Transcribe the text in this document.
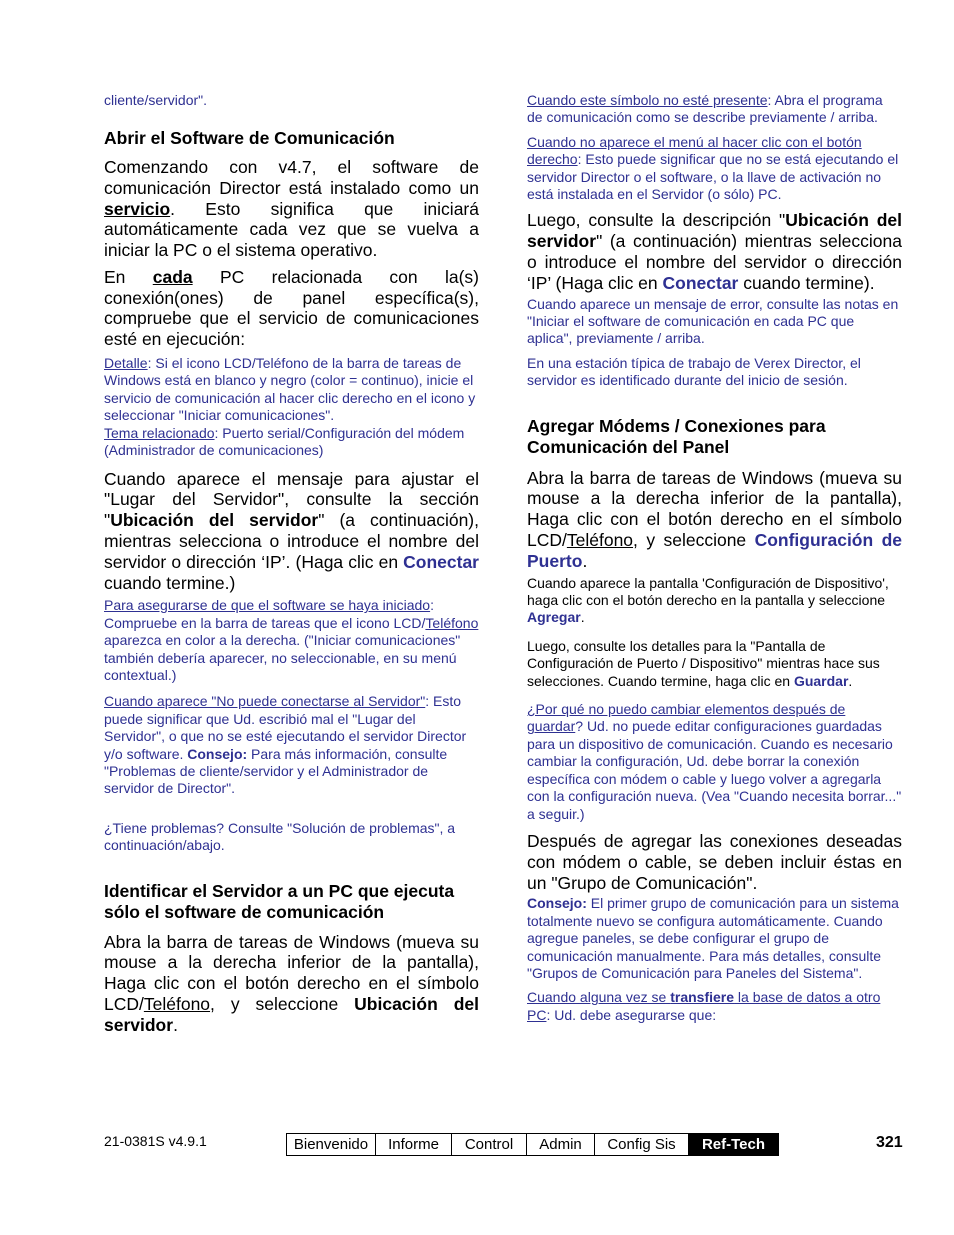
cliente/servidor".

Abrir el Software de Comunicación

Comenzando con v4.7, el software de comunicación Director está instalado como un servicio. Esto significa que iniciará automáticamente cada vez que se vuelva a iniciar la PC o el sistema operativo.

En cada PC relacionada con la(s) conexión(ones) de panel específica(s), compruebe que el servicio de comunicaciones esté en ejecución:

Detalle: Si el icono LCD/Teléfono de la barra de tareas de Windows está en blanco y negro (color = continuo), inicie el servicio de comunicación al hacer clic derecho en el icono y seleccionar "Iniciar comunicaciones".

Tema relacionado: Puerto serial/Configuración del módem (Administrador de comunicaciones)

Cuando aparece el mensaje para ajustar el "Lugar del Servidor", consulte la sección "Ubicación del servidor" (a continuación), mientras selecciona o introduce el nombre del servidor o dirección ‘IP’. (Haga clic en Conectar cuando termine.)

Para asegurarse de que el software se haya iniciado: Compruebe en la barra de tareas que el icono LCD/Teléfono aparezca en color a la derecha. ("Iniciar comunicaciones" también debería aparecer, no seleccionable, en su menú contextual.)

Cuando aparece "No puede conectarse al Servidor": Esto puede significar que Ud. escribió mal el "Lugar del Servidor", o que no se esté ejecutando el servidor Director y/o software. Consejo: Para más información, consulte "Problemas de cliente/servidor y el Administrador de servidor de Director".

¿Tiene problemas? Consulte "Solución de problemas", a continuación/abajo.

Identificar el Servidor a un PC que ejecuta sólo el software de comunicación

Abra la barra de tareas de Windows (mueva su mouse a la derecha inferior de la pantalla), Haga clic con el botón derecho en el símbolo LCD/Teléfono, y seleccione Ubicación del servidor.

Cuando este símbolo no esté presente: Abra el programa de comunicación como se describe previamente / arriba.

Cuando no aparece el menú al hacer clic con el botón derecho: Esto puede significar que no se está ejecutando el servidor Director o el software, o la llave de activación no está instalada en el Servidor (o sólo) PC.

Luego, consulte la descripción "Ubicación del servidor" (a continuación) mientras selecciona o introduce el nombre del servidor o dirección ‘IP’ (Haga clic en Conectar cuando termine).

Cuando aparece un mensaje de error, consulte las notas en "Iniciar el software de comunicación en cada PC que aplica", previamente / arriba.

En una estación típica de trabajo de Verex Director, el servidor es identificado durante del inicio de sesión.

Agregar Módems / Conexiones para Comunicación del Panel

Abra la barra de tareas de Windows (mueva su mouse a la derecha inferior de la pantalla), Haga clic con el botón derecho en el símbolo LCD/Teléfono, y seleccione Configuración de Puerto.

Cuando aparece la pantalla 'Configuración de Dispositivo', haga clic con el botón derecho en la pantalla y seleccione Agregar.

Luego, consulte los detalles para la "Pantalla de Configuración de Puerto / Dispositivo" mientras hace sus selecciones. Cuando termine, haga clic en Guardar.

¿Por qué no puedo cambiar elementos después de guardar? Ud. no puede editar configuraciones guardadas para un dispositivo de comunicación. Cuando es necesario cambiar la configuración, Ud. debe borrar la conexión específica con módem o cable y luego volver a agregarla con la configuración nueva. (Vea "Cuando necesita borrar..." a seguir.)

Después de agregar las conexiones deseadas con módem o cable, se deben incluir éstas en un "Grupo de Comunicación".

Consejo: El primer grupo de comunicación para un sistema totalmente nuevo se configura automáticamente. Cuando agregue paneles, se debe configurar el grupo de comunicación manualmente. Para más detalles, consulte "Grupos de Comunicación para Paneles del Sistema".

Cuando alguna vez se transfiere la base de datos a otro PC: Ud. debe asegurarse que:

21-0381S v4.9.1	Bienvenido	Informe	Control	Admin	Config Sis	Ref-Tech	321
